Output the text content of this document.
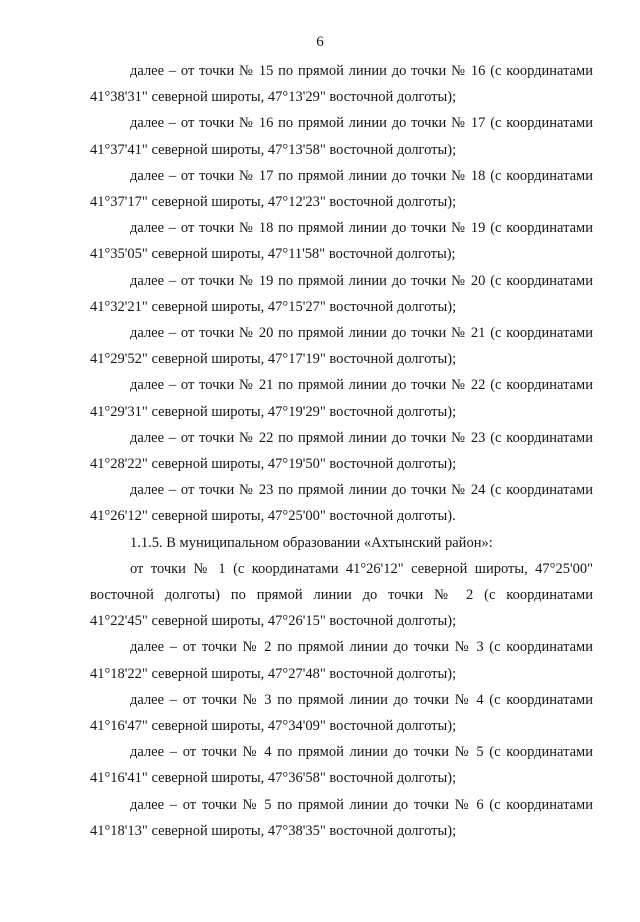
6

далее – от точки № 15 по прямой линии до точки № 16 (с координатами
41°38'31" северной широты, 47°13'29" восточной долготы);

далее – от точки № 16 по прямой линии до точки № 17 (с координатами
41°37'41" северной широты, 47°13'58" восточной долготы);

далее – от точки № 17 по прямой линии до точки № 18 (с координатами
41°37'17" северной широты, 47°12'23" восточной долготы);

далее – от точки № 18 по прямой линии до точки № 19 (с координатами
41°35'05" северной широты, 47°11'58" восточной долготы);

далее – от точки № 19 по прямой линии до точки № 20 (с координатами
41°32'21" северной широты, 47°15'27" восточной долготы);

далее – от точки № 20 по прямой линии до точки № 21 (с координатами
41°29'52" северной широты, 47°17'19" восточной долготы);

далее – от точки № 21 по прямой линии до точки № 22 (с координатами
41°29'31" северной широты, 47°19'29" восточной долготы);

далее – от точки № 22 по прямой линии до точки № 23 (с координатами
41°28'22" северной широты, 47°19'50" восточной долготы);

далее – от точки № 23 по прямой линии до точки № 24 (с координатами
41°26'12" северной широты, 47°25'00" восточной долготы).

1.1.5. В муниципальном образовании «Ахтынский район»:

от точки № 1 (с координатами 41°26'12" северной широты, 47°25'00"
восточной долготы) по прямой линии до точки № 2 (с координатами
41°22'45" северной широты, 47°26'15" восточной долготы);

далее – от точки № 2 по прямой линии до точки № 3 (с координатами
41°18'22" северной широты, 47°27'48" восточной долготы);

далее – от точки № 3 по прямой линии до точки № 4 (с координатами
41°16'47" северной широты, 47°34'09" восточной долготы);

далее – от точки № 4 по прямой линии до точки № 5 (с координатами
41°16'41" северной широты, 47°36'58" восточной долготы);

далее – от точки № 5 по прямой линии до точки № 6 (с координатами
41°18'13" северной широты, 47°38'35" восточной долготы);
